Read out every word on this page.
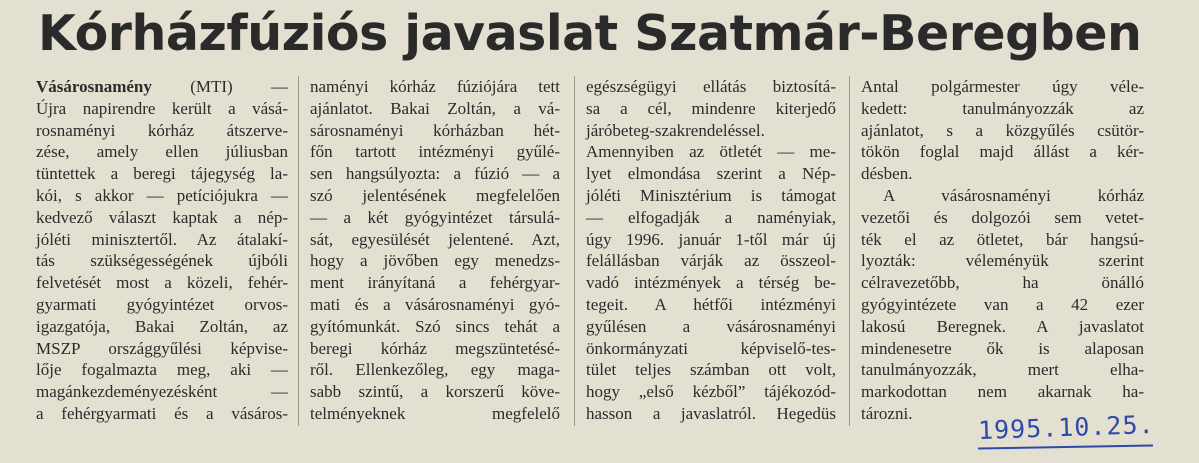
Kórházfúziós javaslat Szatmár-Beregben
Vásárosnamény (MTI) —
Újra napirendre került a vásá-
rosnaményi kórház átszerve-
zése, amely ellen júliusban
tüntettek a beregi tájegység la-
kói, s akkor — petíciójukra —
kedvező választ kaptak a nép-
jóléti minisztertől. Az átalakí-
tás szükségességének újbóli
felvetését most a közeli, fehér-
gyarmati gyógyintézet orvos-
igazgatója, Bakai Zoltán, az
MSZP országgyűlési képvise-
lője fogalmazta meg, aki —
magánkezdeményezésként —
a fehérgyarmati és a vásáros-
naményi kórház fúziójára tett
ajánlatot. Bakai Zoltán, a vá-
sárosnaményi kórházban hét-
főn tartott intézményi gyűlé-
sen hangsúlyozta: a fúzió — a
szó jelentésének megfelelően
— a két gyógyintézet társulá-
sát, egyesülését jelentené. Azt,
hogy a jövőben egy menedzs-
ment irányítaná a fehérgyar-
mati és a vásárosnaményi gyó-
gyítómunkát. Szó sincs tehát a
beregi kórház megszüntetésé-
ről. Ellenkezőleg, egy maga-
sabb szintű, a korszerű köve-
telményeknek megfelelő
egészségügyi ellátás biztosítá-
sa a cél, mindenre kiterjedő
járóbeteg-szakrendeléssel.
Amennyiben az ötletét — me-
lyet elmondása szerint a Nép-
jóléti Minisztérium is támogat
— elfogadják a naményiak,
úgy 1996. január 1-től már új
felállásban várják az összeol-
vadó intézmények a térség be-
tegeit. A hétfői intézményi
gyűlésen a vásárosnaményi
önkormányzati képviselő-tes-
tület teljes számban ott volt,
hogy „első kézből” tájékozód-
hasson a javaslatról. Hegedüs
Antal polgármester úgy véle-
kedett: tanulmányozzák az
ajánlatot, s a közgyűlés csütör-
tökön foglal majd állást a kér-
désben.
A vásárosnaményi kórház
vezetői és dolgozói sem vetet-
ték el az ötletet, bár hangsú-
lyozták: véleményük szerint
célravezetőbb, ha önálló
gyógyintézete van a 42 ezer
lakosú Beregnek. A javaslatot
mindenesetre ők is alaposan
tanulmányozzák, mert elha-
markodottan nem akarnak ha-
tározni.	1995.10.25.
